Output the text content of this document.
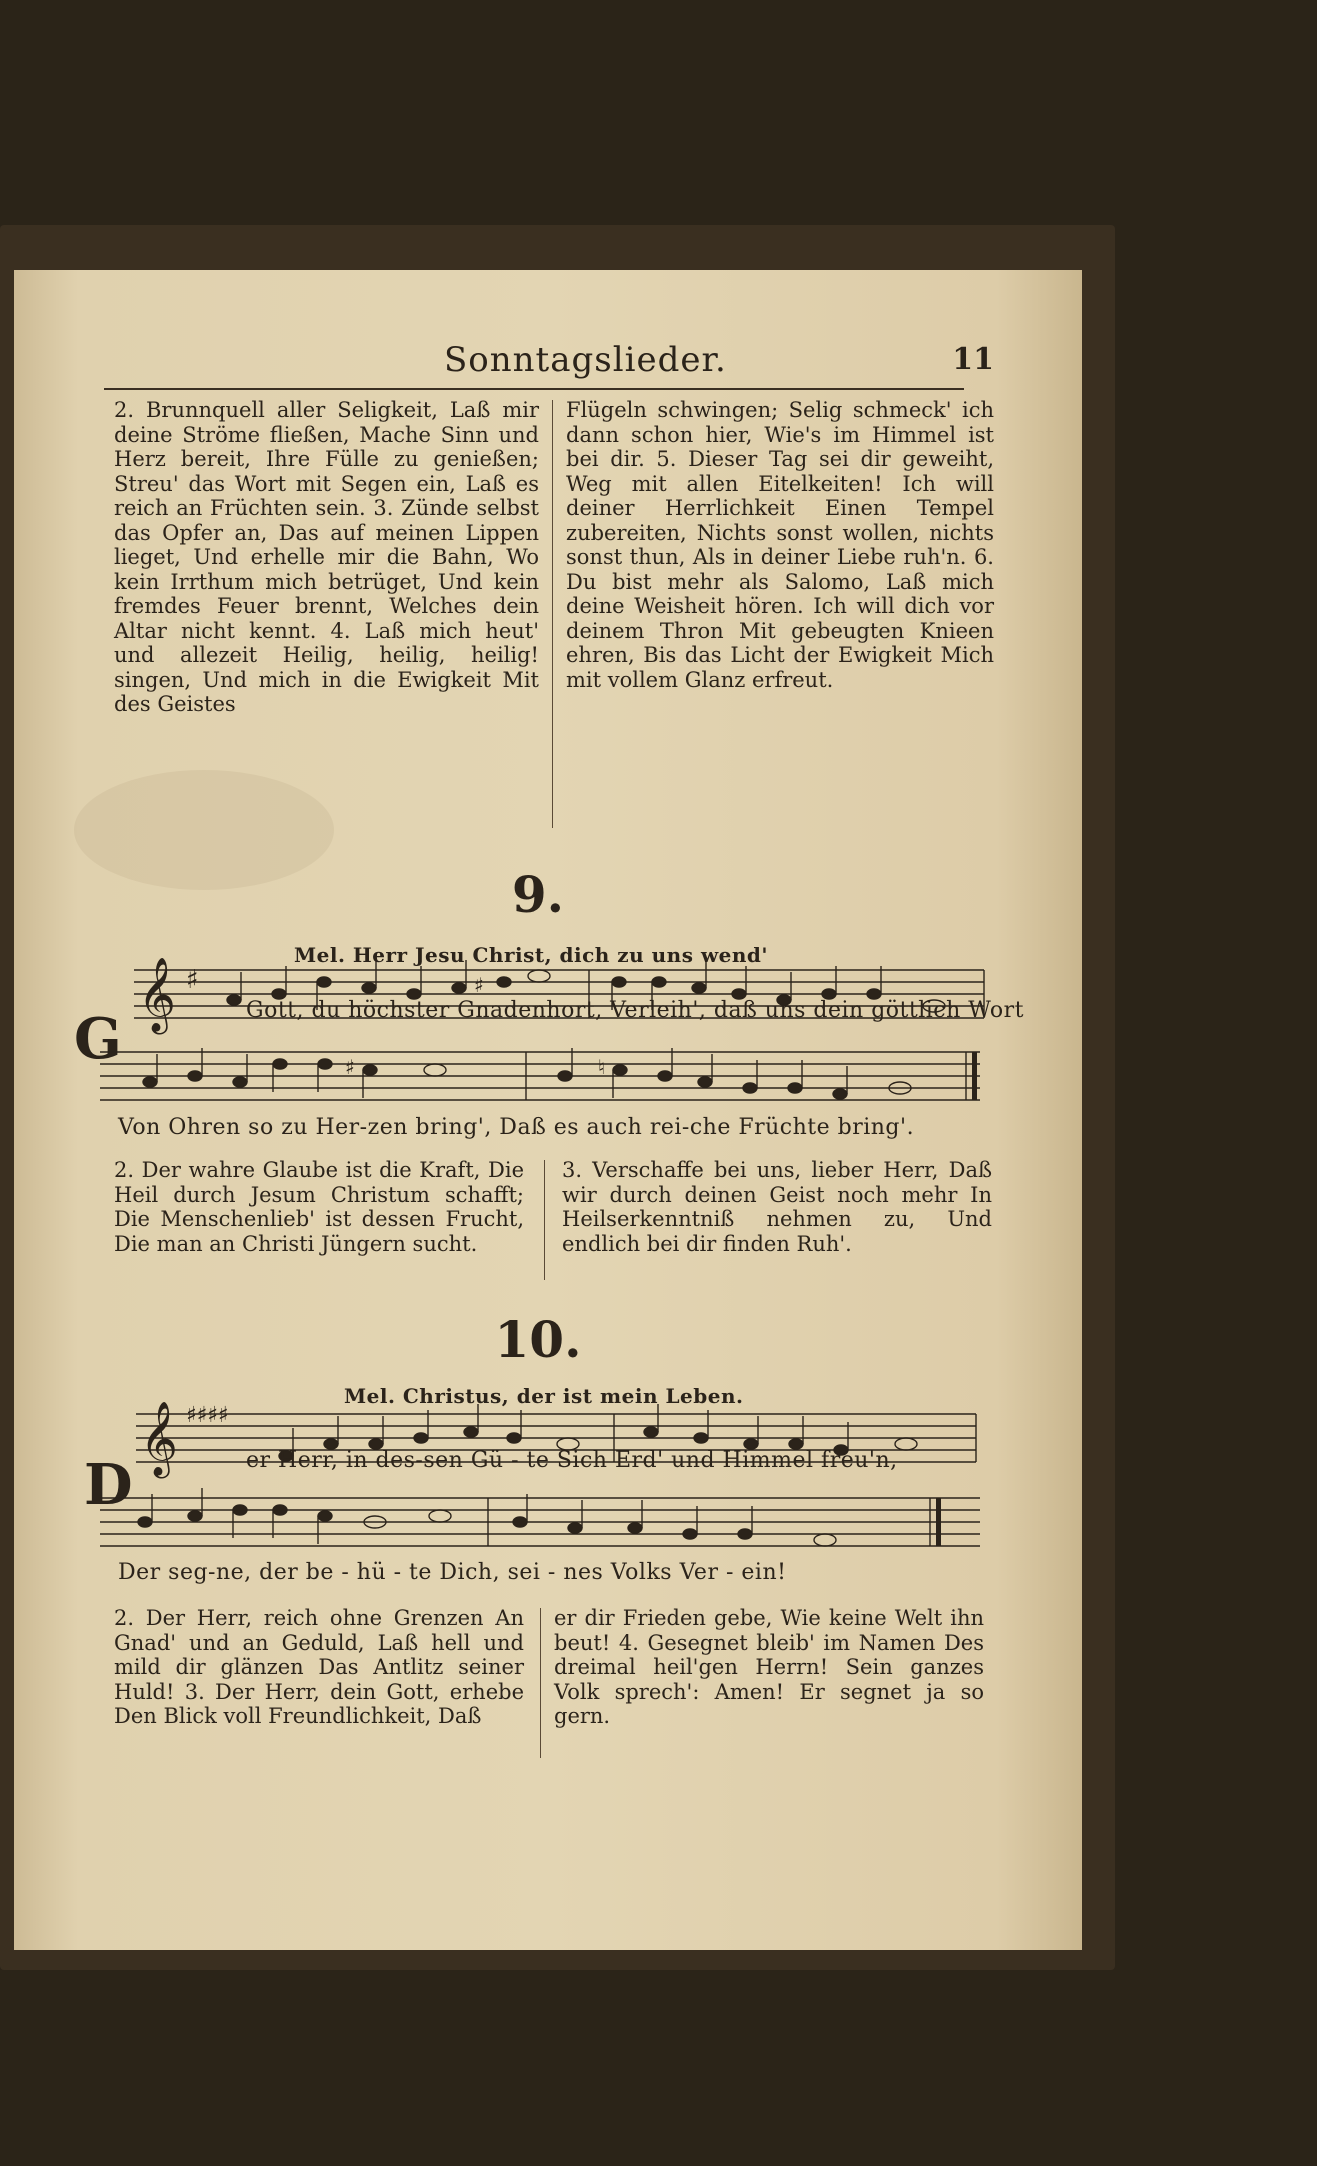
Sonntagslieder.	11

2. Brunnquell aller Seligkeit, Laß mir deine Ströme fließen, Mache Sinn und Herz bereit, Ihre Fülle zu genießen; Streu' das Wort mit Segen ein, Laß es reich an Früchten sein. 3. Zünde selbst das Opfer an, Das auf meinen Lippen lieget, Und erhelle mir die Bahn, Wo kein Irrthum mich betrüget, Und kein fremdes Feuer brennt, Welches dein Altar nicht kennt. 4. Laß mich heut' und allezeit Heilig, heilig, heilig! singen, Und mich in die Ewigkeit Mit des Geistes

Flügeln schwingen; Selig schmeck' ich dann schon hier, Wie's im Himmel ist bei dir. 5. Dieser Tag sei dir geweiht, Weg mit allen Eitelkeiten! Ich will deiner Herrlichkeit Einen Tempel zubereiten, Nichts sonst wollen, nichts sonst thun, Als in deiner Liebe ruh'n. 6. Du bist mehr als Salomo, Laß mich deine Weisheit hören. Ich will dich vor deinem Thron Mit gebeugten Knieen ehren, Bis das Licht der Ewigkeit Mich mit vollem Glanz erfreut.

9.
Mel. Herr Jesu Christ, dich zu uns wend'
G
𝄞 ♯	♯
Gott, du höchster Gnadenhort, Verleih', daß uns dein göttlich Wort
♯	♮
Von Ohren so zu Her-zen bring', Daß es auch rei-che Früchte bring'.

2. Der wahre Glaube ist die Kraft, Die Heil durch Jesum Christum schafft; Die Menschenlieb' ist dessen Frucht, Die man an Christi Jüngern sucht.

3. Verschaffe bei uns, lieber Herr, Daß wir durch deinen Geist noch mehr In Heilserkenntniß nehmen zu, Und endlich bei dir finden Ruh'.

10.
Mel. Christus, der ist mein Leben.
D
𝄞 ♯♯♯♯
er Herr, in des-sen Gü - te Sich Erd' und Himmel freu'n,
Der seg-ne, der be - hü - te Dich, sei - nes Volks Ver - ein!

2. Der Herr, reich ohne Grenzen An Gnad' und an Geduld, Laß hell und mild dir glänzen Das Antlitz seiner Huld! 3. Der Herr, dein Gott, erhebe Den Blick voll Freundlichkeit, Daß

er dir Frieden gebe, Wie keine Welt ihn beut! 4. Gesegnet bleib' im Namen Des dreimal heil'gen Herrn! Sein ganzes Volk sprech': Amen! Er segnet ja so gern.
